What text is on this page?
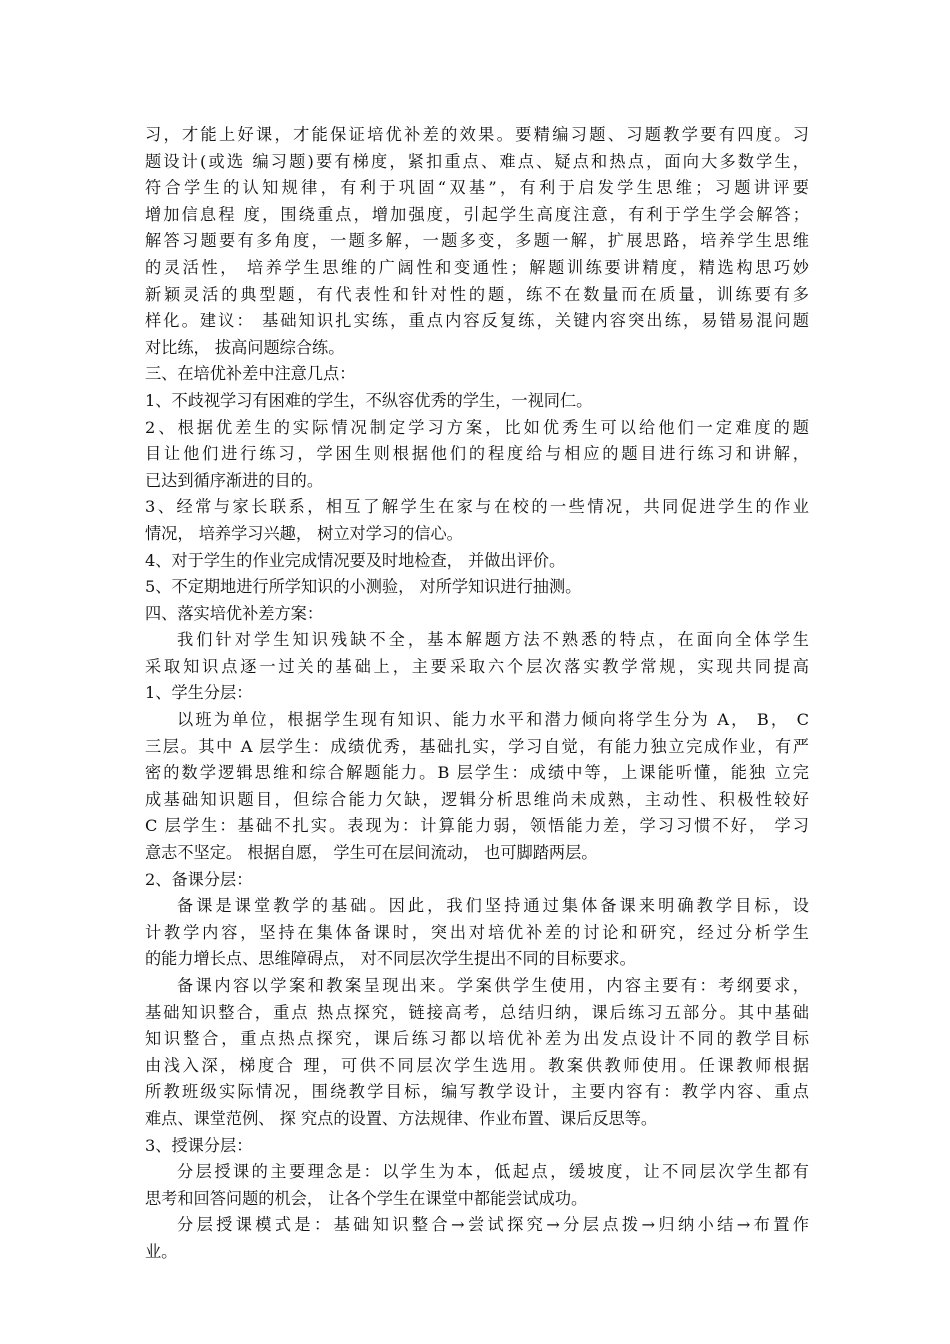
习，才能上好课，才能保证培优补差的效果。要精编习题、习题教学要有四度。习
题设计(或选 编习题)要有梯度，紧扣重点、难点、疑点和热点，面向大多数学生，
符合学生的认知规律，有利于巩固“双基”，有利于启发学生思维；习题讲评要
增加信息程 度，围绕重点，增加强度，引起学生高度注意，有利于学生学会解答；
解答习题要有多角度，一题多解，一题多变，多题一解，扩展思路，培养学生思维
的灵活性， 培养学生思维的广阔性和变通性；解题训练要讲精度，精选构思巧妙
新颖灵活的典型题，有代表性和针对性的题，练不在数量而在质量，训练要有多
样化。建议： 基础知识扎实练，重点内容反复练，关键内容突出练，易错易混问题
对比练， 拔高问题综合练。
三、在培优补差中注意几点：
1、不歧视学习有困难的学生，不纵容优秀的学生，一视同仁。
2、根据优差生的实际情况制定学习方案，比如优秀生可以给他们一定难度的题
目让他们进行练习，学困生则根据他们的程度给与相应的题目进行练习和讲解，
已达到循序渐进的目的。
3、经常与家长联系，相互了解学生在家与在校的一些情况，共同促进学生的作业
情况， 培养学习兴趣， 树立对学习的信心。
4、对于学生的作业完成情况要及时地检查， 并做出评价。
5、不定期地进行所学知识的小测验， 对所学知识进行抽测。
四、落实培优补差方案：
我们针对学生知识残缺不全，基本解题方法不熟悉的特点，在面向全体学生
采取知识点逐一过关的基础上，主要采取六个层次落实教学常规，实现共同提高
1、学生分层：
以班为单位，根据学生现有知识、能力水平和潜力倾向将学生分为 A， B， C
三层。其中 A 层学生：成绩优秀，基础扎实，学习自觉，有能力独立完成作业，有严
密的数学逻辑思维和综合解题能力。B 层学生：成绩中等，上课能听懂，能独 立完
成基础知识题目，但综合能力欠缺，逻辑分析思维尚未成熟，主动性、积极性较好
C 层学生：基础不扎实。表现为：计算能力弱，领悟能力差，学习习惯不好， 学习
意志不坚定。 根据自愿， 学生可在层间流动， 也可脚踏两层。
2、备课分层：
备课是课堂教学的基础。因此，我们坚持通过集体备课来明确教学目标，设
计教学内容，坚持在集体备课时，突出对培优补差的讨论和研究，经过分析学生
的能力增长点、思维障碍点， 对不同层次学生提出不同的目标要求。
备课内容以学案和教案呈现出来。学案供学生使用，内容主要有：考纲要求，
基础知识整合，重点 热点探究，链接高考，总结归纳，课后练习五部分。其中基础
知识整合，重点热点探究，课后练习都以培优补差为出发点设计不同的教学目标
由浅入深，梯度合 理，可供不同层次学生选用。教案供教师使用。任课教师根据
所教班级实际情况，围绕教学目标，编写教学设计，主要内容有：教学内容、重点
难点、课堂范例、 探 究点的设置、方法规律、作业布置、课后反思等。
3、授课分层：
分层授课的主要理念是：以学生为本，低起点，缓坡度，让不同层次学生都有
思考和回答问题的机会， 让各个学生在课堂中都能尝试成功。
分层授课模式是：基础知识整合→尝试探究→分层点拨→归纳小结→布置作
业。
